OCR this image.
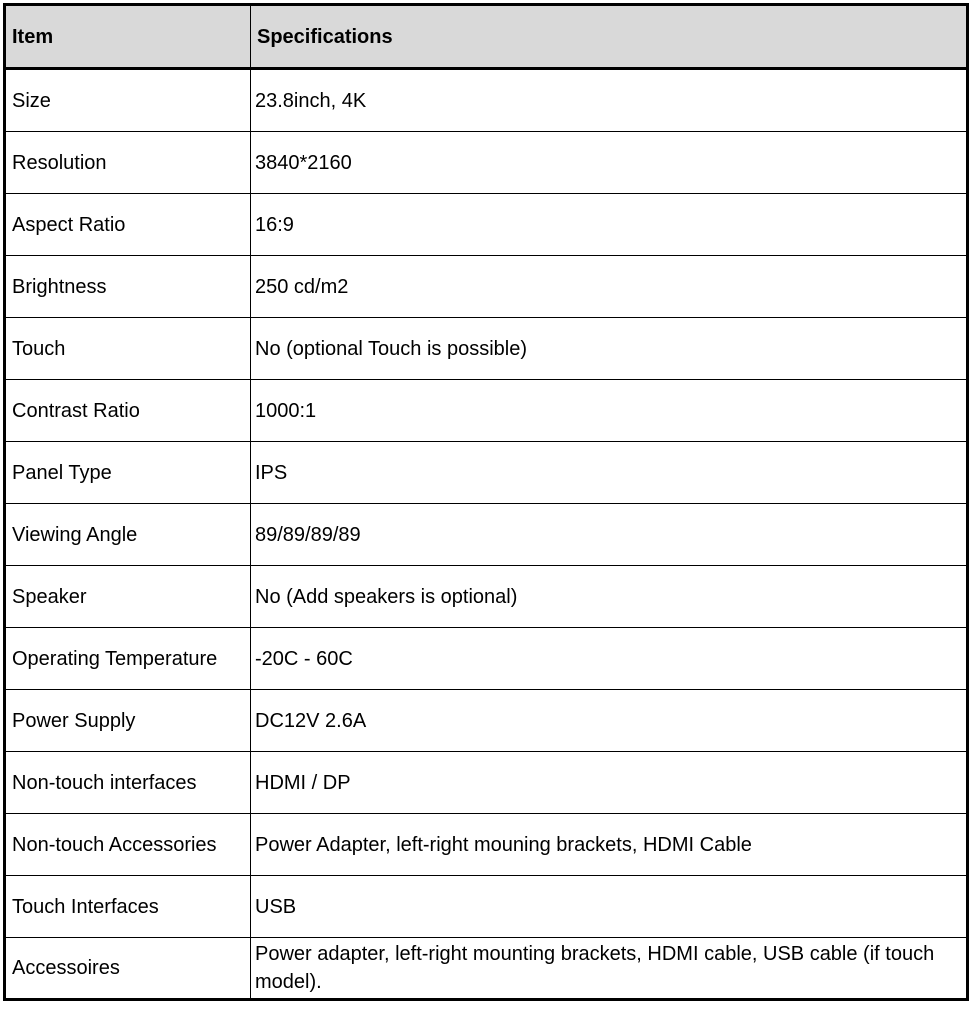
Item	Specifications
Size	23.8inch, 4K
Resolution	3840*2160
Aspect Ratio	16:9
Brightness	250 cd/m2
Touch	No (optional Touch is possible)
Contrast Ratio	1000:1
Panel Type	IPS
Viewing Angle	89/89/89/89
Speaker	No (Add speakers is optional)
Operating Temperature	-20C - 60C
Power Supply	DC12V 2.6A
Non-touch interfaces	HDMI / DP
Non-touch Accessories	Power Adapter, left-right mouning brackets, HDMI Cable
Touch Interfaces	USB
Accessoires	Power adapter, left-right mounting brackets, HDMI cable, USB cable (if touch model).
